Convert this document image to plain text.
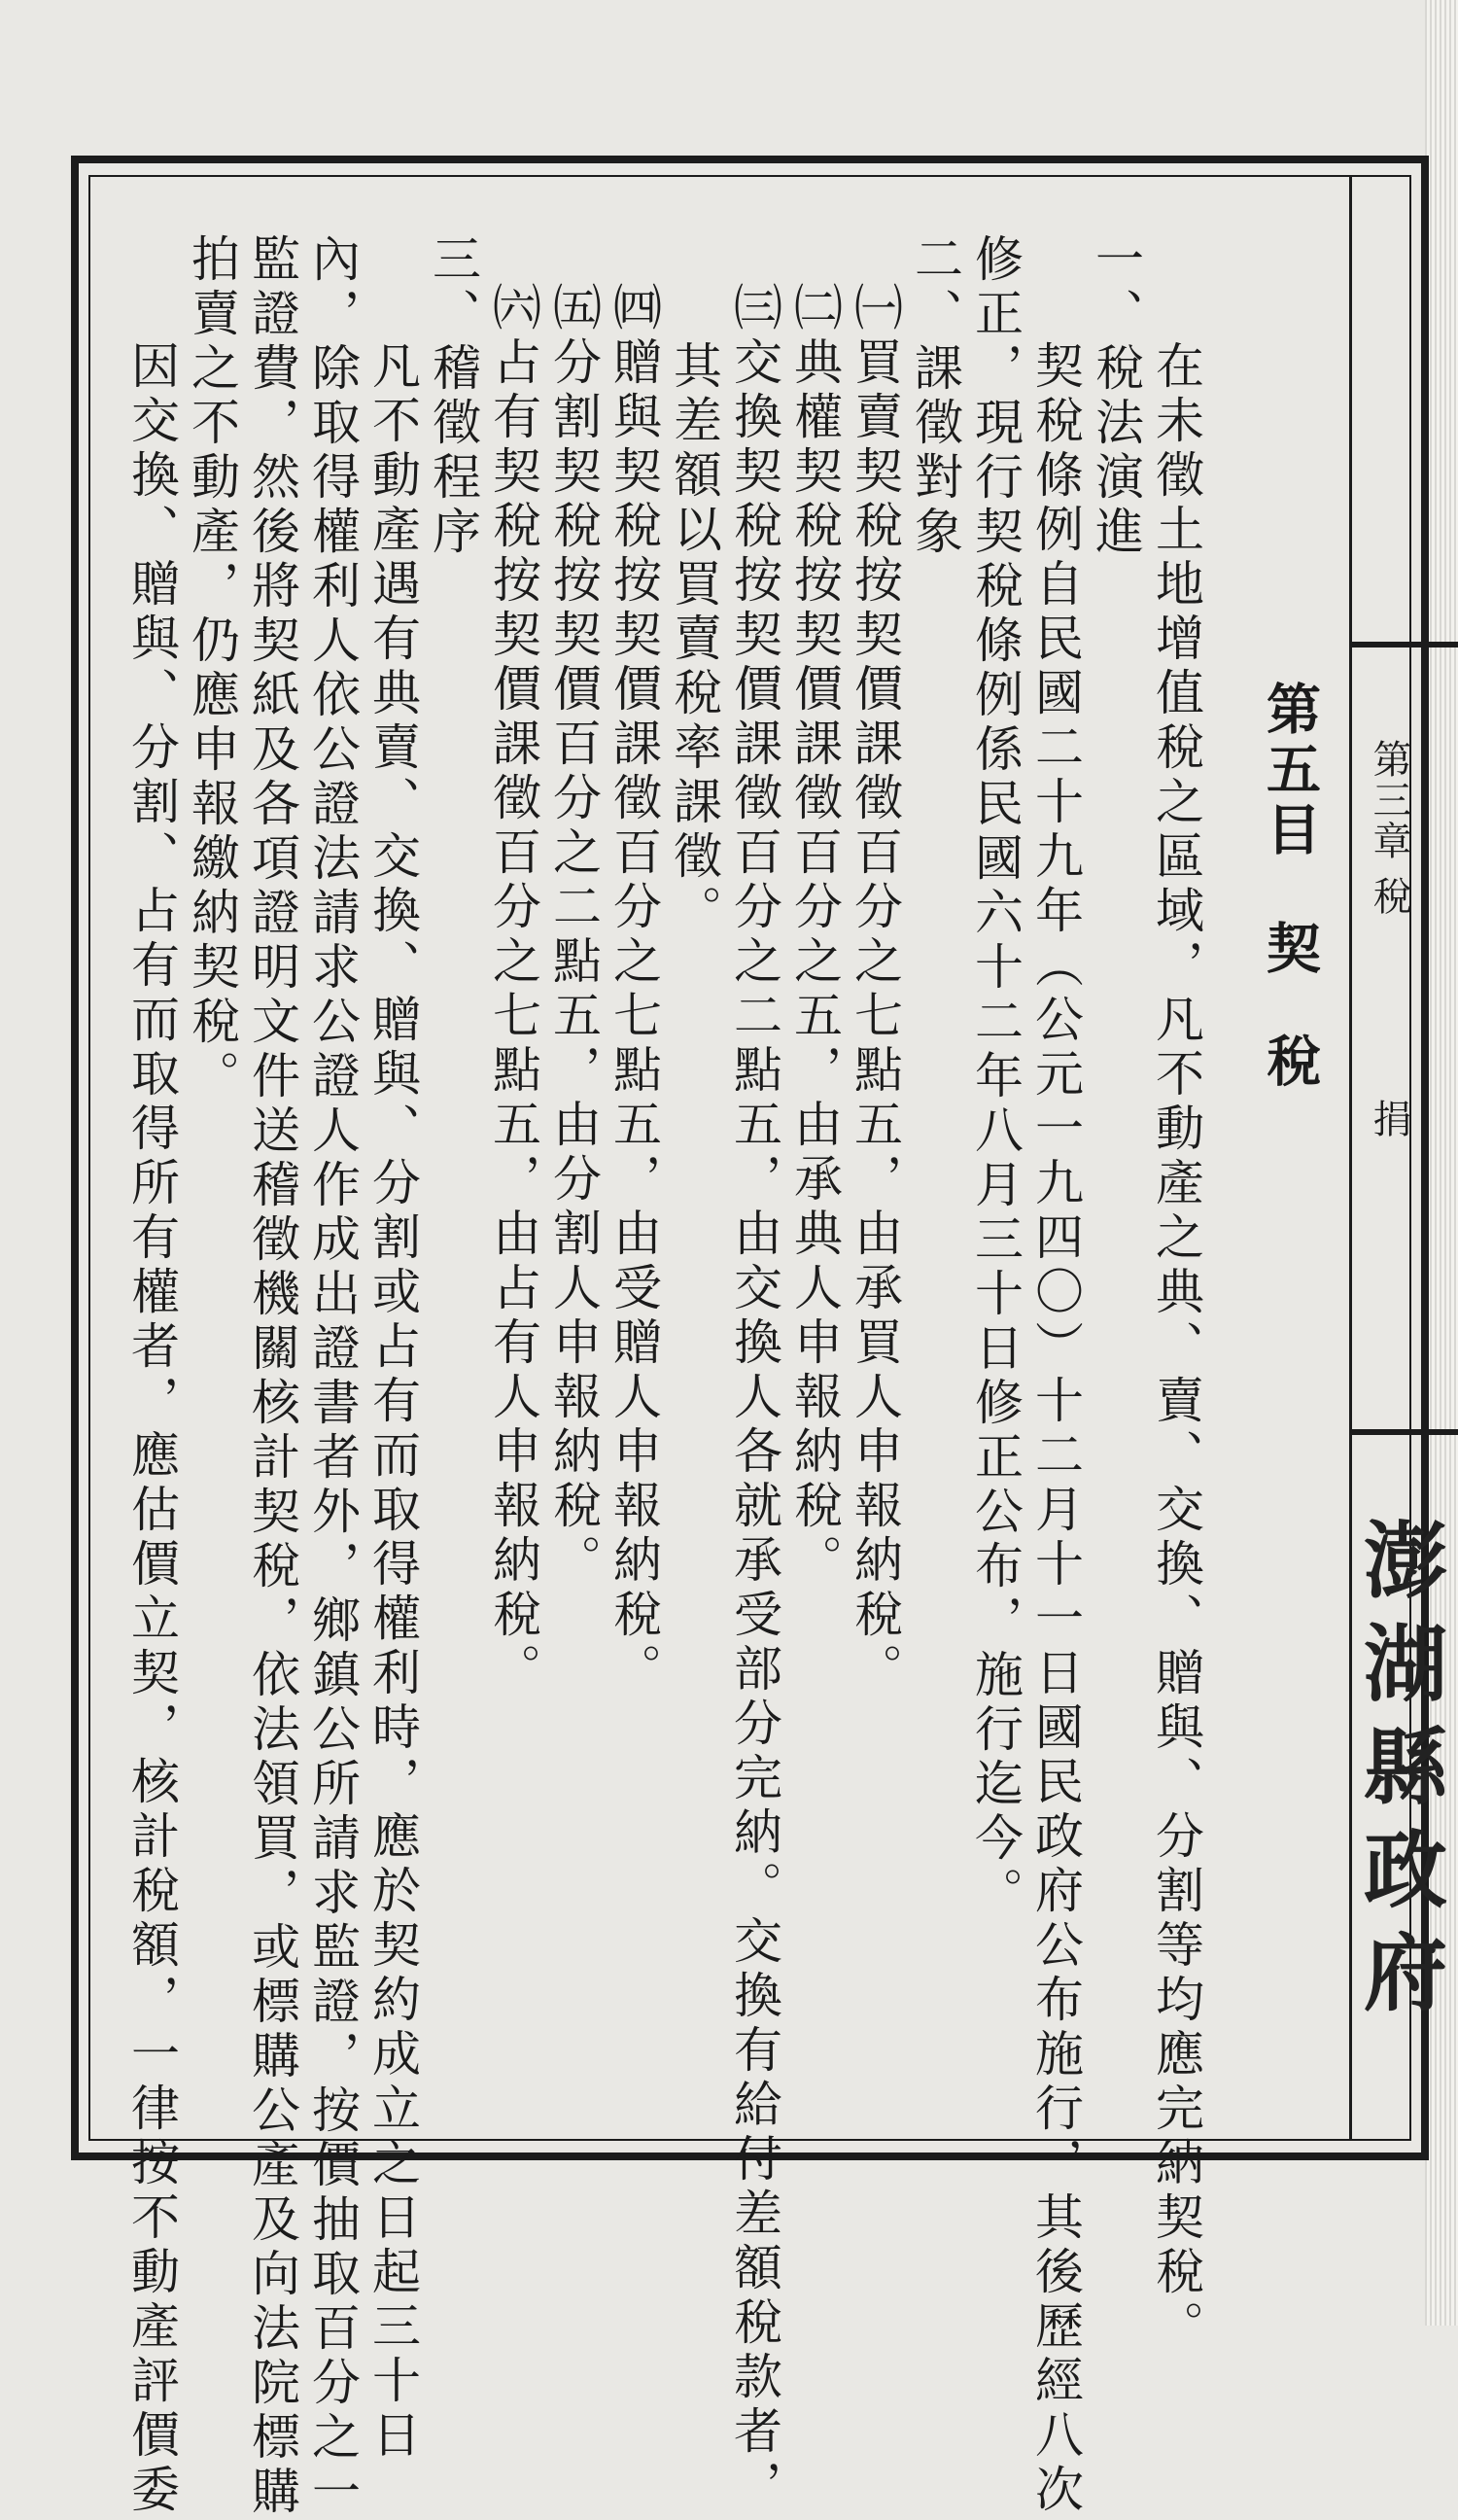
第三章 稅
捐
澎湖縣政府
第五目契稅
在未徵土地增值稅之區域，凡不動產之典、賣、交換、贈與、分割等均應完納契稅。
一、稅法演進
契稅條例自民國二十九年（公元一九四〇）十二月十一日國民政府公布施行，其後歷經八次
修正，現行契稅條例係民國六十二年八月三十日修正公布，施行迄今。
二、課徵對象
㈠買賣契稅按契價課徵百分之七點五，由承買人申報納稅。
㈡典權契稅按契價課徵百分之五，由承典人申報納稅。
㈢交換契稅按契價課徵百分之二點五，由交換人各就承受部分完納。交換有給付差額稅款者，
其差額以買賣稅率課徵。
㈣贈與契稅按契價課徵百分之七點五，由受贈人申報納稅。
㈤分割契稅按契價百分之二點五，由分割人申報納稅。
㈥占有契稅按契價課徵百分之七點五，由占有人申報納稅。
三、稽徵程序
凡不動產遇有典賣、交換、贈與、分割或占有而取得權利時，應於契約成立之日起三十日
內，除取得權利人依公證法請求公證人作成出證書者外，鄉鎮公所請求監證，按價抽取百分之一
監證費，然後將契紙及各項證明文件送稽徵機關核計契稅，依法領買，或標購公產及向法院標購
拍賣之不動產，仍應申報繳納契稅。
因交換、贈與、分割、占有而取得所有權者，應估價立契，核計稅額，一律按不動產評價委
